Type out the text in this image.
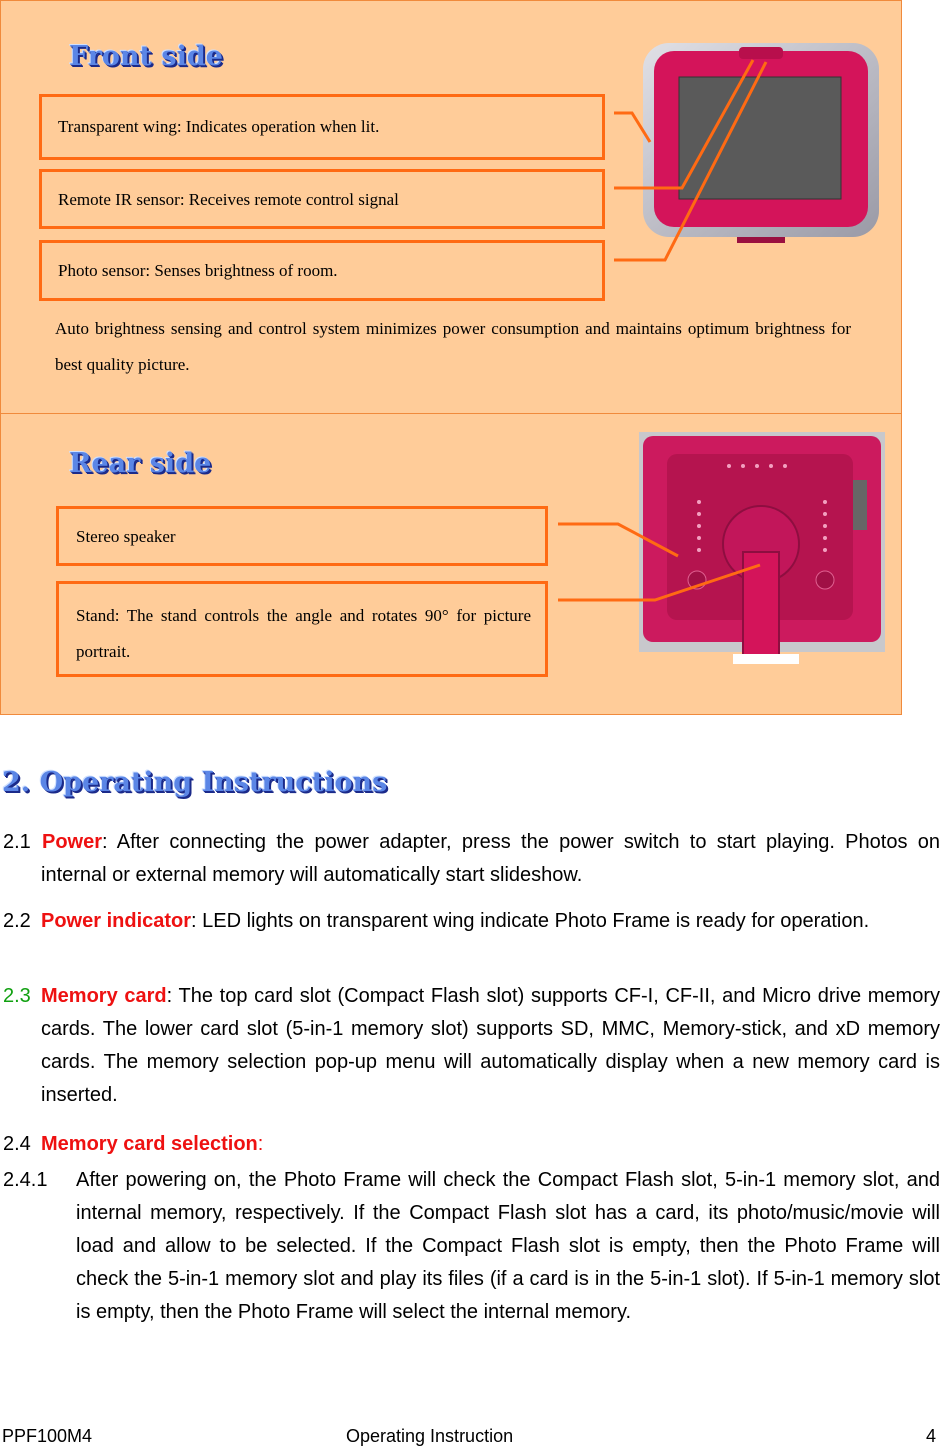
Front side
Transparent wing: Indicates operation when lit.
Remote IR sensor: Receives remote control signal
Photo sensor: Senses brightness of room.
Auto brightness sensing and control system minimizes power consumption and maintains optimum brightness for best quality picture.
Rear side
Stereo speaker
Stand: The stand controls the angle and rotates 90° for picture portrait.
2. Operating Instructions
2.1 Power: After connecting the power adapter, press the power switch to start playing. Photos on internal or external memory will automatically start slideshow.
2.2 Power indicator: LED lights on transparent wing indicate Photo Frame is ready for operation.
2.3 Memory card: The top card slot (Compact Flash slot) supports CF-I, CF-II, and Micro drive memory cards. The lower card slot (5-in-1 memory slot) supports SD, MMC, Memory-stick, and xD memory cards. The memory selection pop-up menu will automatically display when a new memory card is inserted.
2.4 Memory card selection:
2.4.1 After powering on, the Photo Frame will check the Compact Flash slot, 5-in-1 memory slot, and internal memory, respectively. If the Compact Flash slot has a card, its photo/music/movie will load and allow to be selected. If the Compact Flash slot is empty, then the Photo Frame will check the 5-in-1 memory slot and play its files (if a card is in the 5-in-1 slot). If 5-in-1 memory slot is empty, then the Photo Frame will select the internal memory.
PPF100M4	Operating Instruction	4
